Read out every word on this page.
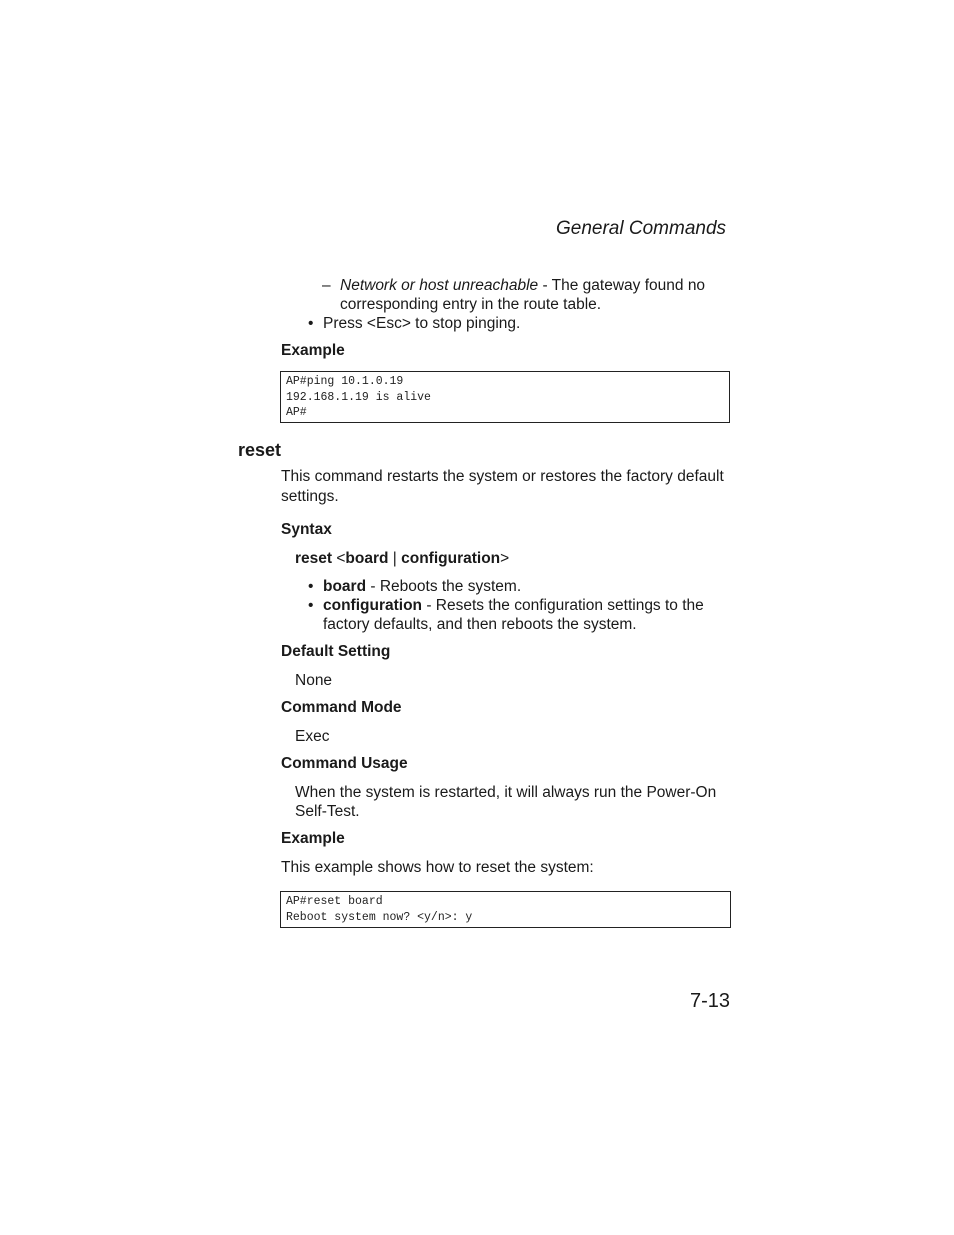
General Commands
– Network or host unreachable - The gateway found no
corresponding entry in the route table.
• Press <Esc> to stop pinging.
Example
AP#ping 10.1.0.19
192.168.1.19 is alive
AP#
reset
This command restarts the system or restores the factory default
settings.
Syntax
reset <board | configuration>
• board - Reboots the system.
• configuration - Resets the configuration settings to the
factory defaults, and then reboots the system.
Default Setting
None
Command Mode
Exec
Command Usage
When the system is restarted, it will always run the Power-On
Self-Test.
Example
This example shows how to reset the system:
AP#reset board
Reboot system now? <y/n>: y
7-13
